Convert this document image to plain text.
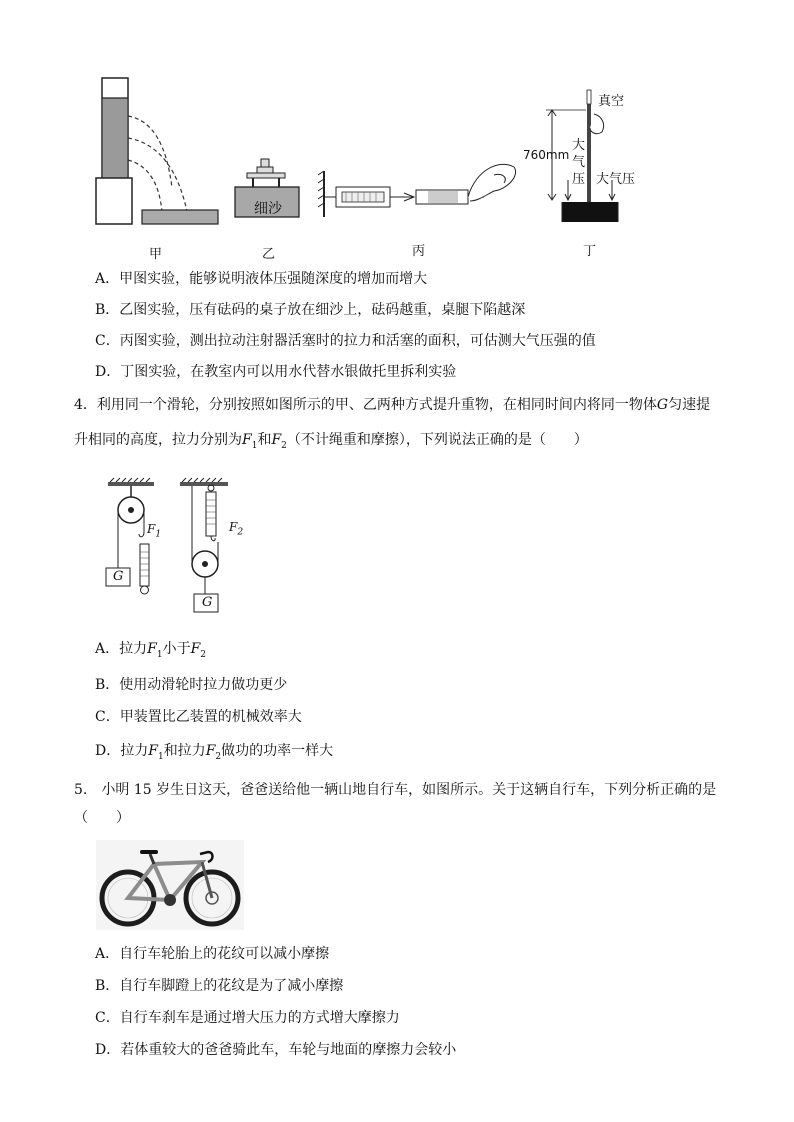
甲
细沙
乙	丙
真空
760mm
大
气
压 大气压
丁
A．甲图实验，能够说明液体压强随深度的增加而增大
B．乙图实验，压有砝码的桌子放在细沙上，砝码越重，桌腿下陷越深
C．丙图实验，测出拉动注射器活塞时的拉力和活塞的面积，可估测大气压强的值
D．丁图实验，在教室内可以用水代替水银做托里拆利实验
4．利用同一个滑轮，分别按照如图所示的甲、乙两种方式提升重物，在相同时间内将同一物体G匀速提
升相同的高度，拉力分别为$F_1$和$F_2$（不计绳重和摩擦），下列说法正确的是（　　）
$F_1$
$F_2$
G
G
A．拉力$F_1$小于$F_2$
B．使用动滑轮时拉力做功更少
C．甲装置比乙装置的机械效率大
D．拉力$F_1$和拉力$F_2$做功的功率一样大
5.　小明 15 岁生日这天，爸爸送给他一辆山地自行车，如图所示。关于这辆自行车，下列分析正确的是
（　　）
A．自行车轮胎上的花纹可以减小摩擦
B．自行车脚蹬上的花纹是为了减小摩擦
C．自行车刹车是通过增大压力的方式增大摩擦力
D．若体重较大的爸爸骑此车，车轮与地面的摩擦力会较小
